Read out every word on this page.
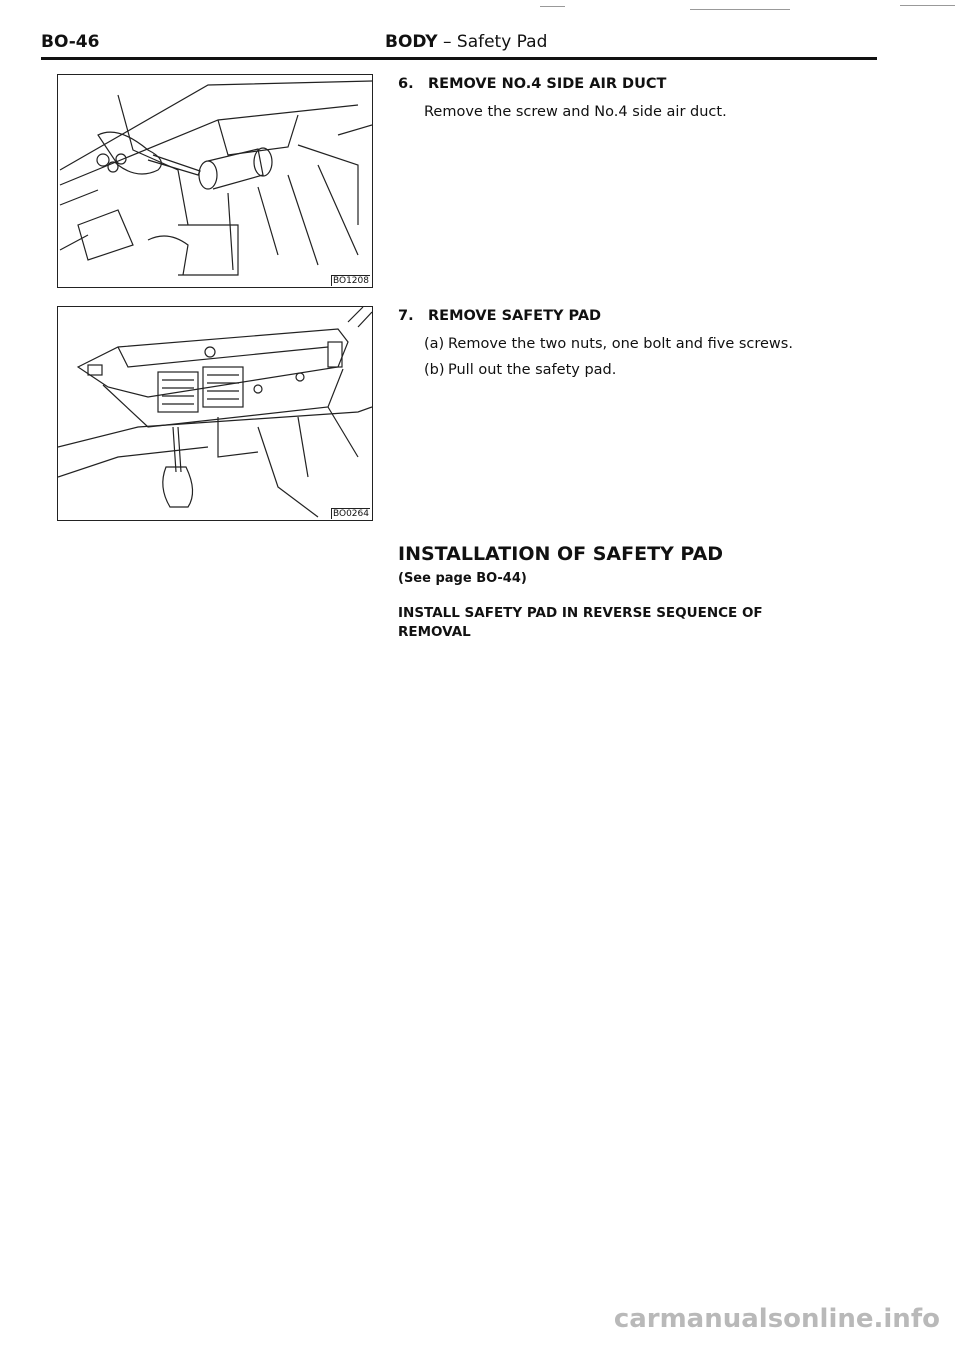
BO-46	BODY – Safety Pad
BO1208
BO0264
6. REMOVE NO.4 SIDE AIR DUCT
Remove the screw and No.4 side air duct.
7. REMOVE SAFETY PAD
(a) Remove the two nuts, one bolt and five screws.
(b) Pull out the safety pad.
INSTALLATION OF SAFETY PAD
(See page BO-44)
INSTALL SAFETY PAD IN REVERSE SEQUENCE OF REMOVAL
carmanualsonline.info
